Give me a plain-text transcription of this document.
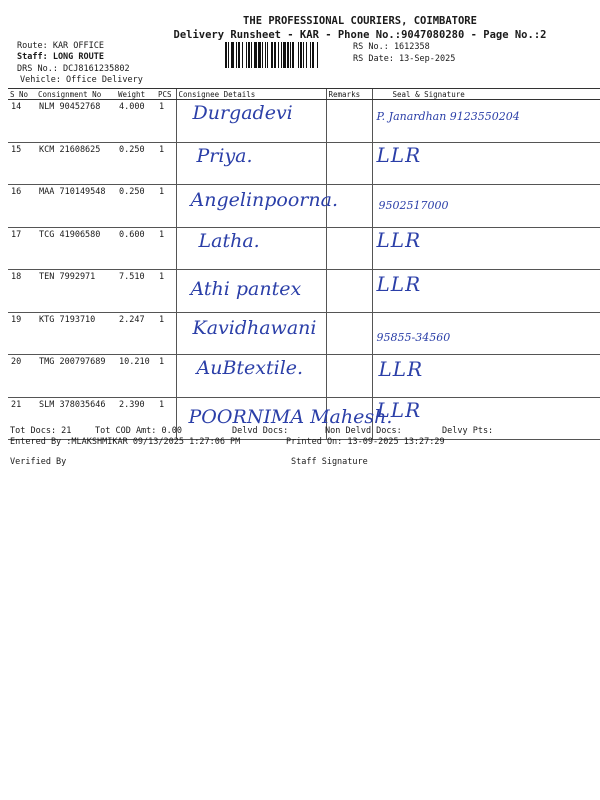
THE PROFESSIONAL COURIERS, COIMBATORE
Delivery Runsheet - KAR - Phone No.:9047080280 - Page No.:2
Route: KAR OFFICE
Staff: LONG ROUTE
DRS No.: DCJ8161235802
Vehicle: Office Delivery
RS No.: 1612358
RS Date: 13-Sep-2025
S No	Consignment No	Weight	PCS	Consignee Details	Remarks	Seal & Signature
14	NLM 90452768	4.000	1	Durgadevi		P. Janardhan 9123550204

15	KCM 21608625	0.250	1	Priya.		LLR

16	MAA 710149548	0.250	1	Angelinpoorna.		9502517000

17	TCG 41906580	0.600	1	Latha.		LLR

18	TEN 7992971	7.510	1	Athi pantex		LLR

19	KTG 7193710	2.247	1	Kavidhawani		95855-34560

20	TMG 200797689	10.210	1	AuBtextile.		LLR

21	SLM 378035646	2.390	1	POORNIMA Mahesh.		LLR
Tot Docs: 21	Tot COD Amt: 0.00	Delvd Docs:	Non Delvd Docs:	Delvy Pts:
Entered By :MLAKSHMIKAR 09/13/2025 1:27:06 PM	Printed On: 13-09-2025 13:27:29
Verified By	Staff Signature
